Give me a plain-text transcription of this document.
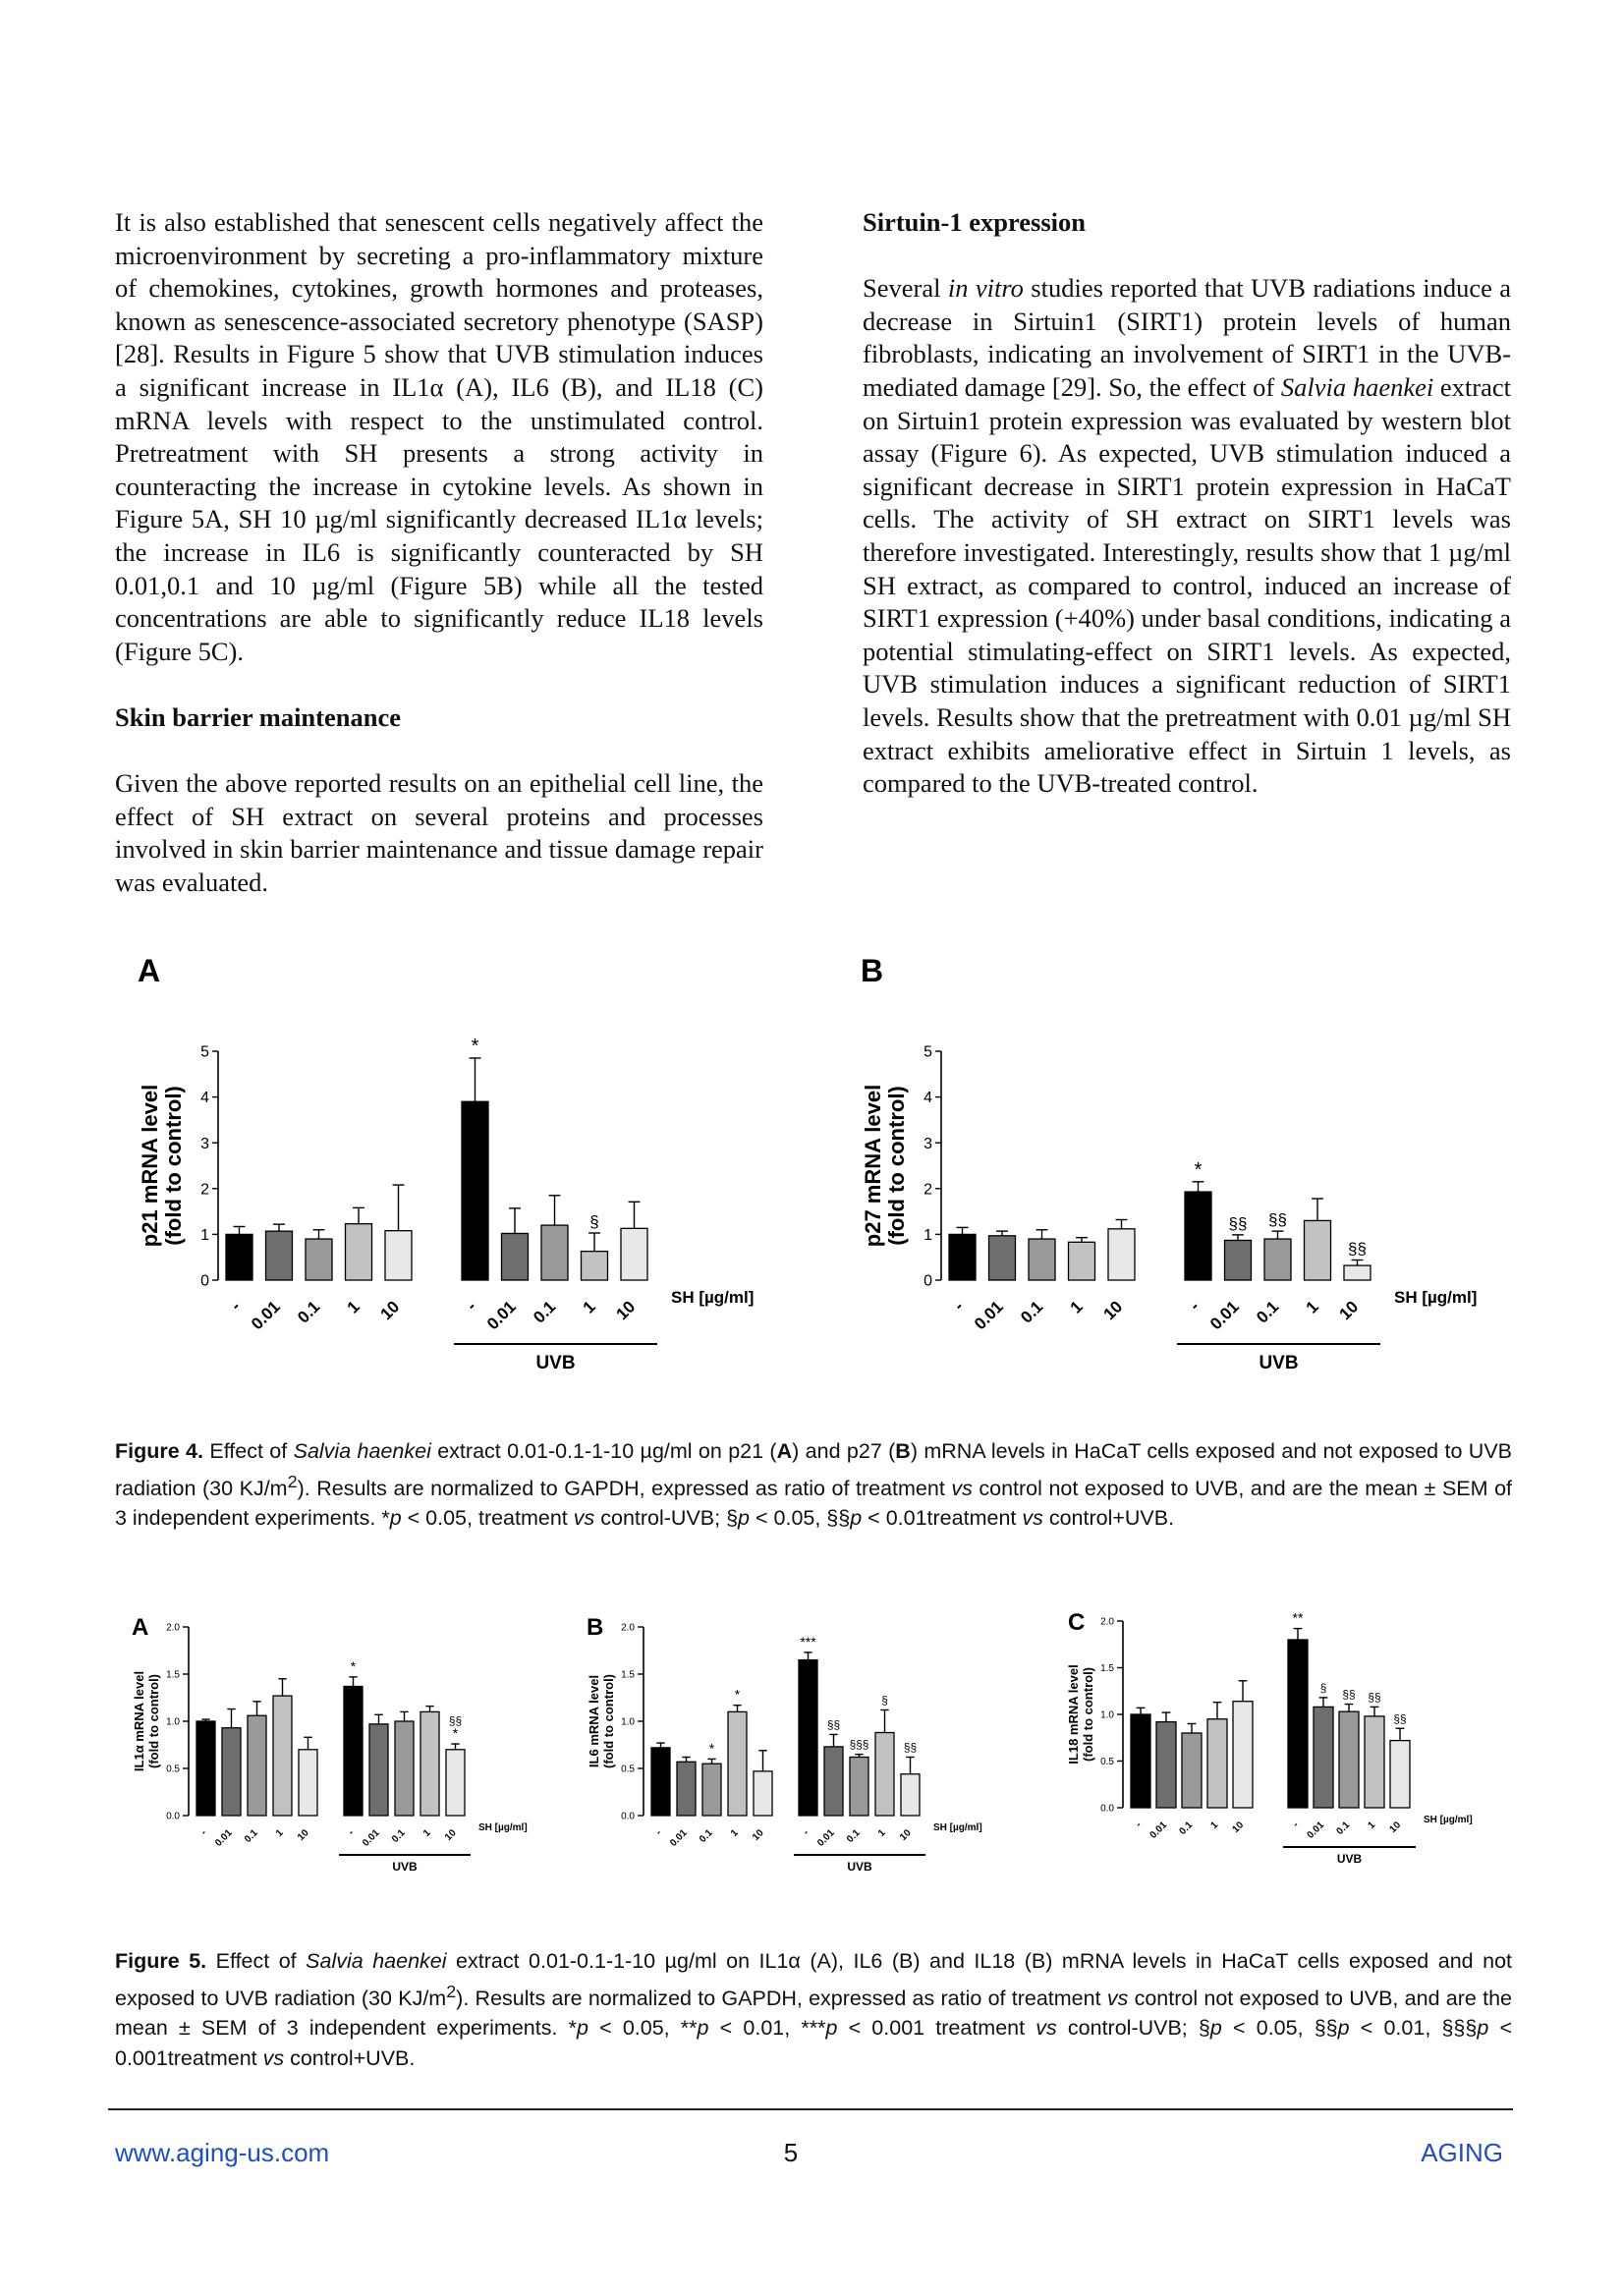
It is also established that senescent cells negatively affect the microenvironment by secreting a pro-inflammatory mixture of chemokines, cytokines, growth hormones and proteases, known as senescence-associated secretory phenotype (SASP) [28]. Results in Figure 5 show that UVB stimulation induces a significant increase in IL1α (A), IL6 (B), and IL18 (C) mRNA levels with respect to the unstimulated control. Pretreatment with SH presents a strong activity in counteracting the increase in cytokine levels. As shown in Figure 5A, SH 10 µg/ml significantly decreased IL1α levels; the increase in IL6 is significantly counteracted by SH 0.01,0.1 and 10 µg/ml (Figure 5B) while all the tested concentrations are able to significantly reduce IL18 levels (Figure 5C).

Skin barrier maintenance

Given the above reported results on an epithelial cell line, the effect of SH extract on several proteins and processes involved in skin barrier maintenance and tissue damage repair was evaluated.

Sirtuin-1 expression

Several in vitro studies reported that UVB radiations induce a decrease in Sirtuin1 (SIRT1) protein levels of human fibroblasts, indicating an involvement of SIRT1 in the UVB-mediated damage [29]. So, the effect of Salvia haenkei extract on Sirtuin1 protein expression was evaluated by western blot assay (Figure 6). As expected, UVB stimulation induced a significant decrease in SIRT1 protein expression in HaCaT cells. The activity of SH extract on SIRT1 levels was therefore investigated. Interestingly, results show that 1 µg/ml SH extract, as compared to control, induced an increase of SIRT1 expression (+40%) under basal conditions, indicating a potential stimulating-effect on SIRT1 levels. As expected, UVB stimulation induces a significant reduction of SIRT1 levels. Results show that the pretreatment with 0.01 µg/ml SH extract exhibits ameliorative effect in Sirtuin 1 levels, as compared to the UVB-treated control.

A
0
1
2
3
4
5
p21 mRNA level (fold to control)
- 0.01 0.1 1 10
*
- 0.01 0.1
§
1 10 SH [µg/ml]
UVB
B
0
1
2
3
4
5
p27 mRNA level (fold to control)
- 0.01 0.1 1 10
*
-
§§
0.01
§§
0.1 1
§§
10 SH [µg/ml]
UVB
Figure 4. Effect of Salvia haenkei extract 0.01-0.1-1-10 µg/ml on p21 (A) and p27 (B) mRNA levels in HaCaT cells exposed and not exposed to UVB radiation (30 $KJ/m^2$). Results are normalized to GAPDH, expressed as ratio of treatment vs control not exposed to UVB, and are the mean ± SEM of 3 independent experiments. *p < 0.05, treatment vs control-UVB; §p < 0.05, §§p < 0.01treatment vs control+UVB.
A
0.0
0.5
1.0
1.5
2.0
IL1α mRNA level (fold to control)
- 0.01 0.1 1 10
*
- 0.01 0.1 1
§§
*
10 SH [µg/ml]
UVB
B
0.0
0.5
1.0
1.5
2.0
IL6 mRNA level (fold to control)
- 0.01
*
0.1
*
1 10
***
-
§§
0.01
§§§
0.1
§
1
§§
10 SH [µg/ml]
UVB
C
0.0
0.5
1.0
1.5
2.0
IL18 mRNA level (fold to control)
- 0.01 0.1 1 10
**
-
§
0.01
§§
0.1
§§
1
§§
10 SH [µg/ml]
UVB
Figure 5. Effect of Salvia haenkei extract 0.01-0.1-1-10 µg/ml on IL1α (A), IL6 (B) and IL18 (B) mRNA levels in HaCaT cells exposed and not exposed to UVB radiation (30 $KJ/m^2$). Results are normalized to GAPDH, expressed as ratio of treatment vs control not exposed to UVB, and are the mean ± SEM of 3 independent experiments. *p < 0.05, **p < 0.01, ***p < 0.001 treatment vs control-UVB; §p < 0.05, §§p < 0.01, §§§p < 0.001treatment vs control+UVB.
www.aging-us.com	5	AGING
